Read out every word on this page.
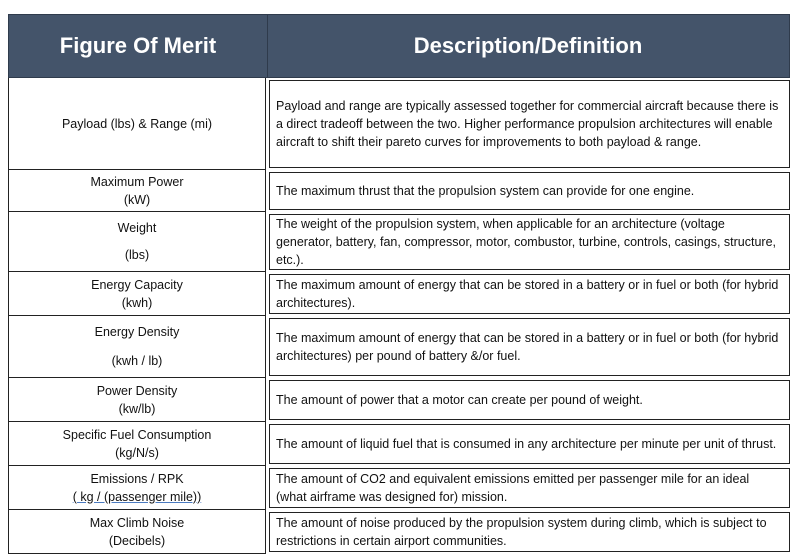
Figure Of Merit	Description/Definition
Payload (lbs) & Range (mi)
Payload and range are typically assessed together for commercial aircraft because there is a direct tradeoff between the two. Higher performance propulsion architectures will enable aircraft to shift their pareto curves for improvements to both payload & range.
Maximum Power
(kW)
The maximum thrust that the propulsion system can provide for one engine.
Weight
(lbs)
The weight of the propulsion system, when applicable for an architecture (voltage generator, battery, fan, compressor, motor, combustor, turbine, controls, casings, structure, etc.).
Energy Capacity
(kwh)
The maximum amount of energy that can be stored in a battery or in fuel or both (for hybrid architectures).
Energy Density
(kwh / lb)
The maximum amount of energy that can be stored in a battery or in fuel or both (for hybrid architectures) per pound of battery &/or fuel.
Power Density
(kw/lb)
The amount of power that a motor can create per pound of weight.
Specific Fuel Consumption
(kg/N/s)
The amount of liquid fuel that is consumed in any architecture per minute per unit of thrust.
Emissions / RPK
( kg / (passenger mile))
The amount of CO2 and equivalent emissions emitted per passenger mile for an ideal (what airframe was designed for) mission.
Max Climb Noise
(Decibels)
The amount of noise produced by the propulsion system during climb, which is subject to restrictions in certain airport communities.
